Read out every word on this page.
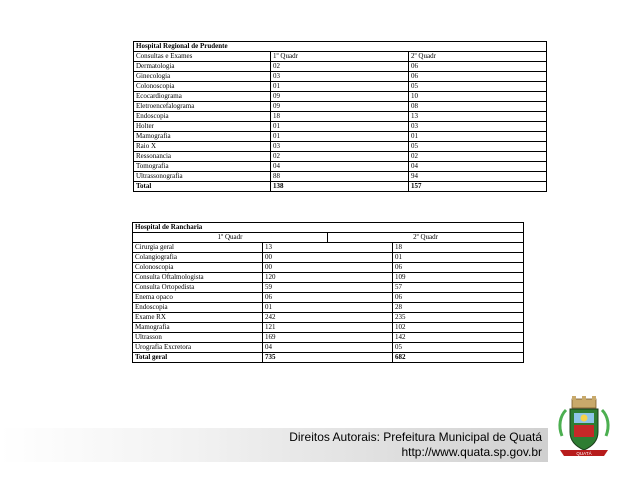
Hospital Regional de Prudente		
Consultas e Exames	1º Quadr	2º Quadr
Dermatologia	02	06
Ginecologia	03	06
Colonoscopia	01	05
Ecocardiograma	09	10
Eletroencefalograma	09	08
Endoscopia	18	13
Holter	01	03
Mamografia	01	01
Raio X	03	05
Ressonancia	02	02
Tomografia	04	04
Ultrassonografia	88	94
Total	138	157
Hospital de Rancharia			
1º Quadr		2º Quadr	
Cirurgia geral	13		18
Colangiografia	00		01
Colonoscopia	00		06
Consulta Oftalmologista	120		109
Consulta Ortopedista	59		57
Enema opaco	06		06
Endoscopia	01		28
Exame RX	242		235
Mamografia	121		102
Ultrasson	169		142
Urografia Excretora	04		05
Total geral	735		682
Direitos Autorais: Prefeitura Municipal de Quatá
http://www.quata.sp.gov.br	QUATÁ
